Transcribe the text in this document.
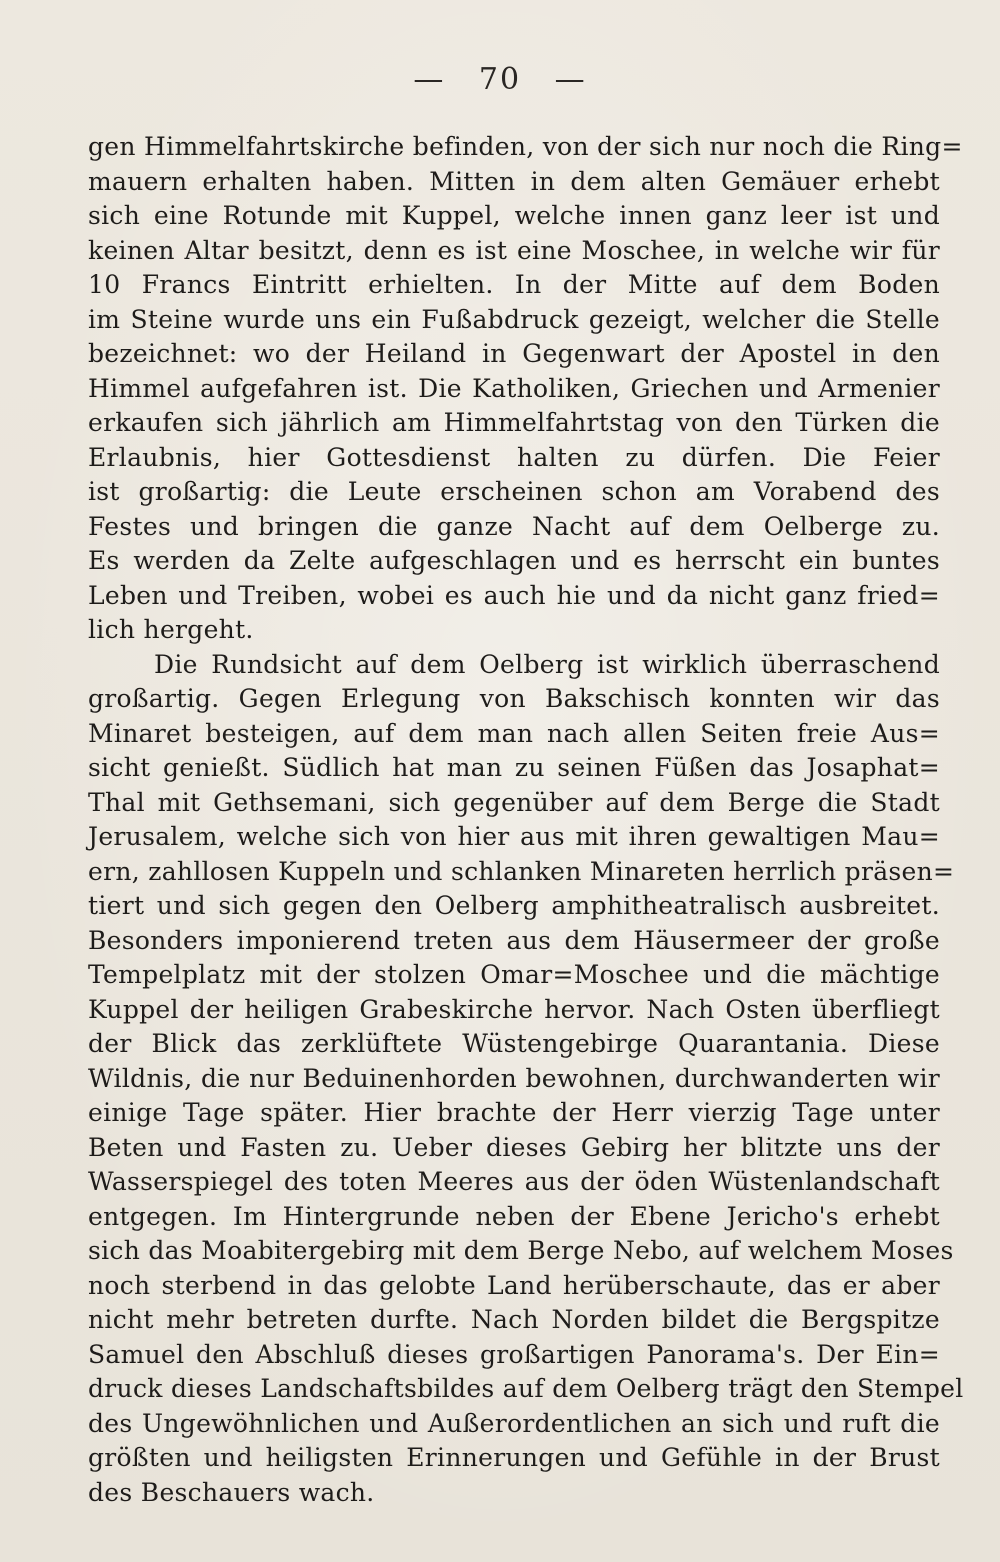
— 70 —
gen Himmelfahrtskirche befinden, von der sich nur noch die Ring=
mauern erhalten haben. Mitten in dem alten Gemäuer erhebt
sich eine Rotunde mit Kuppel, welche innen ganz leer ist und
keinen Altar besitzt, denn es ist eine Moschee, in welche wir für
10 Francs Eintritt erhielten. In der Mitte auf dem Boden
im Steine wurde uns ein Fußabdruck gezeigt, welcher die Stelle
bezeichnet: wo der Heiland in Gegenwart der Apostel in den
Himmel aufgefahren ist. Die Katholiken, Griechen und Armenier
erkaufen sich jährlich am Himmelfahrtstag von den Türken die
Erlaubnis, hier Gottesdienst halten zu dürfen. Die Feier
ist großartig: die Leute erscheinen schon am Vorabend des
Festes und bringen die ganze Nacht auf dem Oelberge zu.
Es werden da Zelte aufgeschlagen und es herrscht ein buntes
Leben und Treiben, wobei es auch hie und da nicht ganz fried=
lich hergeht.
Die Rundsicht auf dem Oelberg ist wirklich überraschend
großartig. Gegen Erlegung von Bakschisch konnten wir das
Minaret besteigen, auf dem man nach allen Seiten freie Aus=
sicht genießt. Südlich hat man zu seinen Füßen das Josaphat=
Thal mit Gethsemani, sich gegenüber auf dem Berge die Stadt
Jerusalem, welche sich von hier aus mit ihren gewaltigen Mau=
ern, zahllosen Kuppeln und schlanken Minareten herrlich präsen=
tiert und sich gegen den Oelberg amphitheatralisch ausbreitet.
Besonders imponierend treten aus dem Häusermeer der große
Tempelplatz mit der stolzen Omar=Moschee und die mächtige
Kuppel der heiligen Grabeskirche hervor. Nach Osten überfliegt
der Blick das zerklüftete Wüstengebirge Quarantania. Diese
Wildnis, die nur Beduinenhorden bewohnen, durchwanderten wir
einige Tage später. Hier brachte der Herr vierzig Tage unter
Beten und Fasten zu. Ueber dieses Gebirg her blitzte uns der
Wasserspiegel des toten Meeres aus der öden Wüstenlandschaft
entgegen. Im Hintergrunde neben der Ebene Jericho's erhebt
sich das Moabitergebirg mit dem Berge Nebo, auf welchem Moses
noch sterbend in das gelobte Land herüberschaute, das er aber
nicht mehr betreten durfte. Nach Norden bildet die Bergspitze
Samuel den Abschluß dieses großartigen Panorama's. Der Ein=
druck dieses Landschaftsbildes auf dem Oelberg trägt den Stempel
des Ungewöhnlichen und Außerordentlichen an sich und ruft die
größten und heiligsten Erinnerungen und Gefühle in der Brust
des Beschauers wach.
